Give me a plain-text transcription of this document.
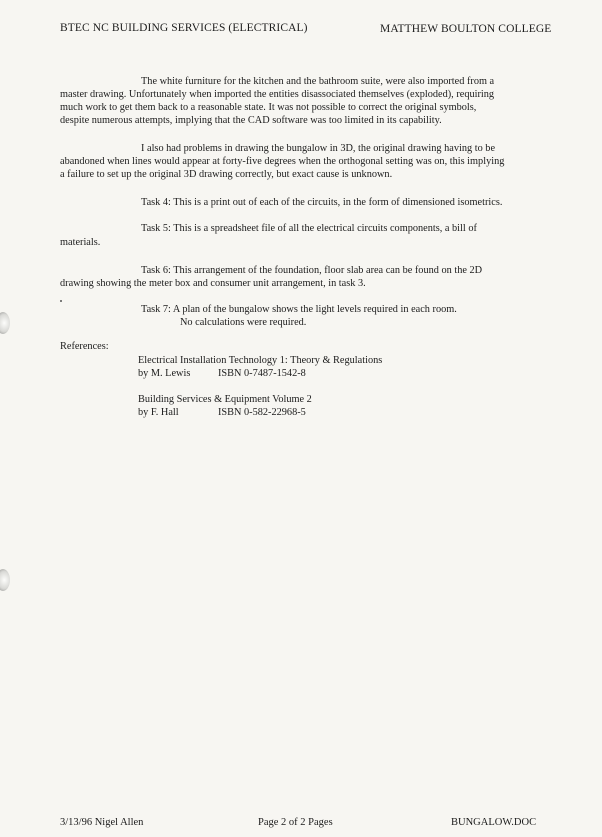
BTEC NC BUILDING SERVICES (ELECTRICAL)	MATTHEW BOULTON COLLEGE
The white furniture for the kitchen and the bathroom suite, were also imported from a
master drawing. Unfortunately when imported the entities disassociated themselves (exploded), requiring
much work to get them back to a reasonable state. It was not possible to correct the original symbols,
despite numerous attempts, implying that the CAD software was too limited in its capability.
I also had problems in drawing the bungalow in 3D, the original drawing having to be
abandoned when lines would appear at forty-five degrees when the orthogonal setting was on, this implying
a failure to set up the original 3D drawing correctly, but exact cause is unknown.
Task 4: This is a print out of each of the circuits, in the form of dimensioned isometrics.
Task 5: This is a spreadsheet file of all the electrical circuits components, a bill of
materials.
Task 6: This arrangement of the foundation, floor slab area can be found on the 2D
drawing showing the meter box and consumer unit arrangement, in task 3.
Task 7: A plan of the bungalow shows the light levels required in each room.
No calculations were required.
References:
Electrical Installation Technology 1: Theory & Regulations
by M. Lewis	ISBN 0-7487-1542-8
Building Services & Equipment Volume 2
by F. Hall	ISBN 0-582-22968-5
3/13/96 Nigel Allen	Page 2 of 2 Pages	BUNGALOW.DOC
